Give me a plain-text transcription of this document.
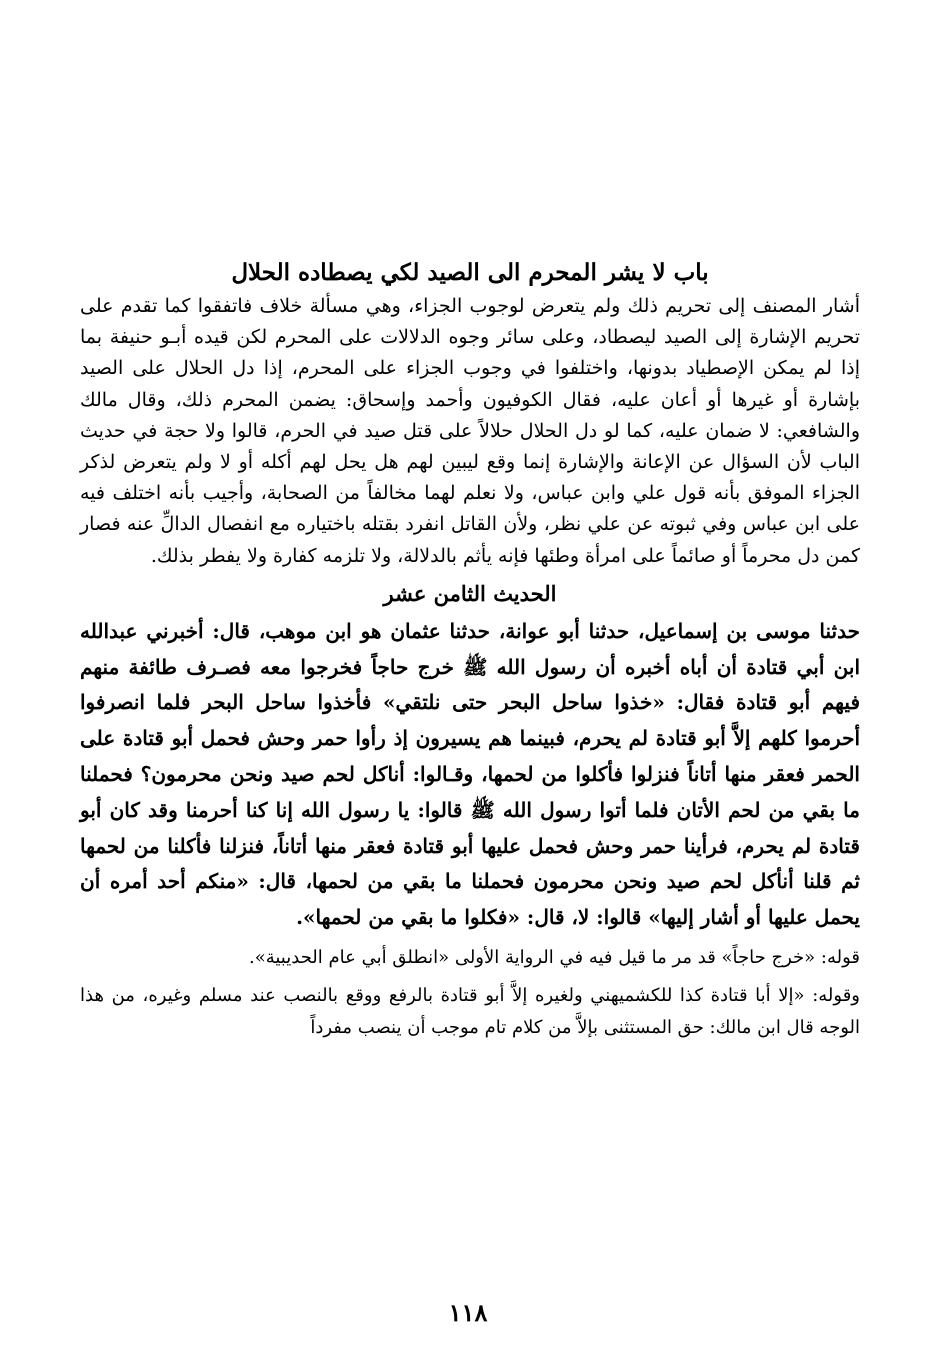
باب لا يشر المحرم الى الصيد لكي يصطاده الحلال

أشار المصنف إلى تحريم ذلك ولم يتعرض لوجوب الجزاء، وهي مسألة خلاف فاتفقوا كما تقدم على تحريم الإشارة إلى الصيد ليصطاد، وعلى سائر وجوه الدلالات على المحرم لكن قيده أبـو حنيفة بما إذا لم يمكن الإصطياد بدونها، واختلفوا في وجوب الجزاء على المحرم، إذا دل الحلال على الصيد بإشارة أو غيرها أو أعان عليه، فقال الكوفيون وأحمد وإسحاق: يضمن المحرم ذلك، وقال مالك والشافعي: لا ضمان عليه، كما لو دل الحلال حلالاً على قتل صيد في الحرم، قالوا ولا حجة في حديث الباب لأن السؤال عن الإعانة والإشارة إنما وقع ليبين لهم هل يحل لهم أكله أو لا ولم يتعرض لذكر الجزاء الموفق بأنه قول علي وابن عباس، ولا نعلم لهما مخالفاً من الصحابة، وأجيب بأنه اختلف فيه على ابن عباس وفي ثبوته عن علي نظر، ولأن القاتل انفرد بقتله باختياره مع انفصال الدالِّ عنه فصار كمن دل محرماً أو صائماً على امرأة وطئها فإنه يأثم بالدلالة، ولا تلزمه كفارة ولا يفطر بذلك.

الحديث الثامن عشر

حدثنا موسى بن إسماعيل، حدثنا أبو عوانة، حدثنا عثمان هو ابن موهب، قال: أخبرني عبدالله ابن أبي قتادة أن أباه أخبره أن رسول الله ﷺ خرج حاجاً فخرجوا معه فصـرف طائفة منهم فيهم أبو قتادة فقال: «خذوا ساحل البحر حتى نلتقي» فأخذوا ساحل البحر فلما انصرفوا أحرموا كلهم إلاَّ أبو قتادة لم يحرم، فبينما هم يسيرون إذ رأوا حمر وحش فحمل أبو قتادة على الحمر فعقر منها أتاناً فنزلوا فأكلوا من لحمها، وقـالوا: أناكل لحم صيد ونحن محرمون؟ فحملنا ما بقي من لحم الأتان فلما أتوا رسول الله ﷺ قالوا: يا رسول الله إنا كنا أحرمنا وقد كان أبو قتادة لم يحرم، فرأينا حمر وحش فحمل عليها أبو قتادة فعقر منها أتاناً، فنزلنا فأكلنا من لحمها ثم قلنا أنأكل لحم صيد ونحن محرمون فحملنا ما بقي من لحمها، قال: «منكم أحد أمره أن يحمل عليها أو أشار إليها» قالوا: لا، قال: «فكلوا ما بقي من لحمها».

قوله: «خرج حاجاً» قد مر ما قيل فيه في الرواية الأولى «انطلق أبي عام الحديبية».

وقوله: «إلا أبا قتادة كذا للكشميهني ولغيره إلاَّ أبو قتادة بالرفع ووقع بالنصب عند مسلم وغيره، من هذا الوجه قال ابن مالك: حق المستثنى بإلاَّ من كلام تام موجب أن ينصب مفرداً

١١٨
